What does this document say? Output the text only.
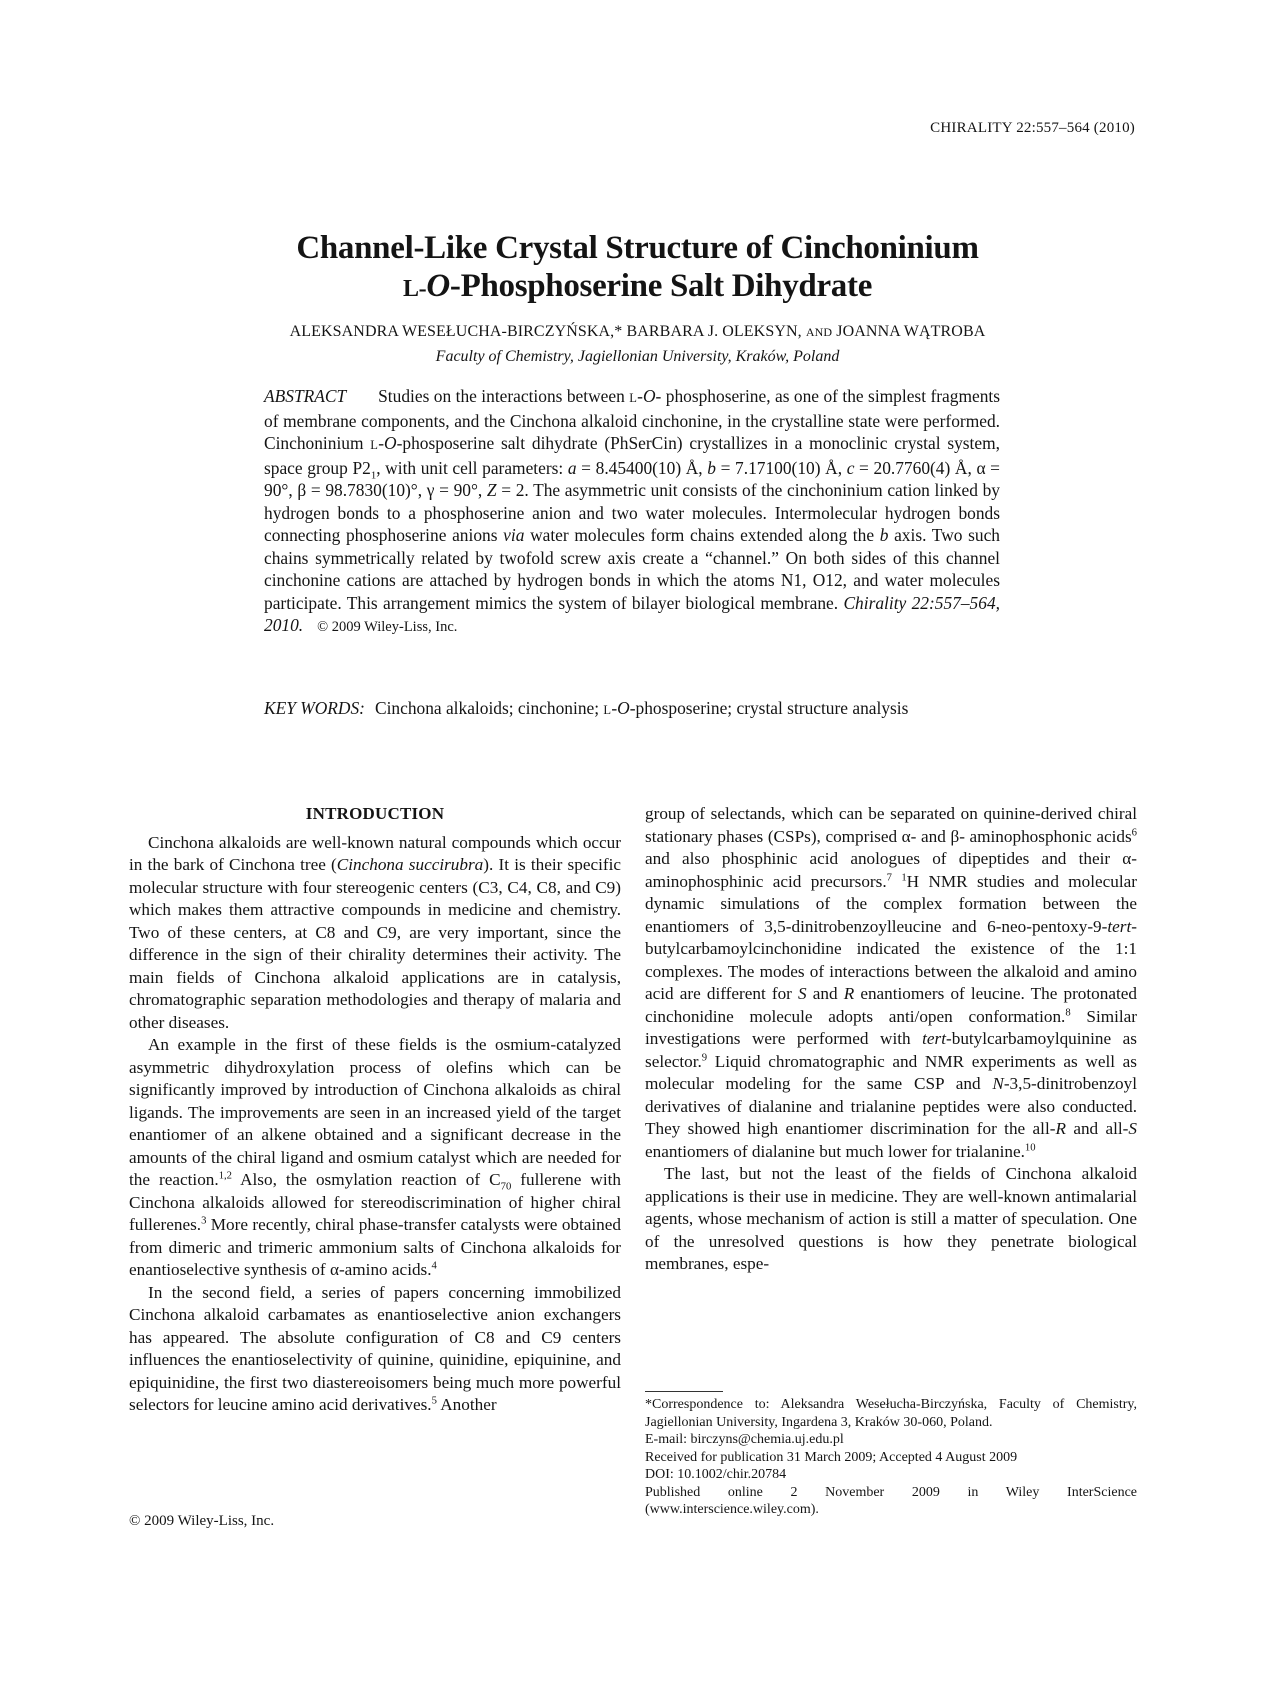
CHIRALITY 22:557–564 (2010)
Channel-Like Crystal Structure of Cinchoninium
L-O-Phosphoserine Salt Dihydrate
ALEKSANDRA WESEŁUCHA-BIRCZYŃSKA,* BARBARA J. OLEKSYN, AND JOANNA WĄTROBA
Faculty of Chemistry, Jagiellonian University, Kraków, Poland
ABSTRACT Studies on the interactions between L-O- phosphoserine, as one of the simplest fragments of membrane components, and the Cinchona alkaloid cinchonine, in the crystalline state were performed. Cinchoninium L-O-phosposerine salt dihydrate (PhSerCin) crystallizes in a monoclinic crystal system, space group $P2_1$, with unit cell parameters: a = 8.45400(10) Å, b = 7.17100(10) Å, c = 20.7760(4) Å, α = 90°, β = 98.7830(10)°, γ = 90°, Z = 2. The asymmetric unit consists of the cinchoninium cation linked by hydrogen bonds to a phosphoserine anion and two water molecules. Intermolecular hydrogen bonds connecting phosphoserine anions via water molecules form chains extended along the b axis. Two such chains symmetrically related by twofold screw axis create a “channel.” On both sides of this channel cinchonine cations are attached by hydrogen bonds in which the atoms N1, O12, and water molecules participate. This arrangement mimics the system of bilayer biological membrane. Chirality 22:557–564, 2010. © 2009 Wiley-Liss, Inc.
KEY WORDS: Cinchona alkaloids; cinchonine; L-O-phosposerine; crystal structure analysis
INTRODUCTION

Cinchona alkaloids are well-known natural compounds which occur in the bark of Cinchona tree (Cinchona succirubra). It is their specific molecular structure with four stereogenic centers (C3, C4, C8, and C9) which makes them attractive compounds in medicine and chemistry. Two of these centers, at C8 and C9, are very important, since the difference in the sign of their chirality determines their activity. The main fields of Cinchona alkaloid applications are in catalysis, chromatographic separation methodologies and therapy of malaria and other diseases.

An example in the first of these fields is the osmium-catalyzed asymmetric dihydroxylation process of olefins which can be significantly improved by introduction of Cinchona alkaloids as chiral ligands. The improvements are seen in an increased yield of the target enantiomer of an alkene obtained and a significant decrease in the amounts of the chiral ligand and osmium catalyst which are needed for the reaction.$^{1,2}$ Also, the osmylation reaction of $C_{70}$ fullerene with Cinchona alkaloids allowed for stereodiscrimination of higher chiral fullerenes.$^3$ More recently, chiral phase-transfer catalysts were obtained from dimeric and trimeric ammonium salts of Cinchona alkaloids for enantioselective synthesis of α-amino acids.$^4$

In the second field, a series of papers concerning immobilized Cinchona alkaloid carbamates as enantioselective anion exchangers has appeared. The absolute configuration of C8 and C9 centers influences the enantioselectivity of quinine, quinidine, epiquinine, and epiquinidine, the first two diastereoisomers being much more powerful selectors for leucine amino acid derivatives.$^5$ Another

© 2009 Wiley-Liss, Inc.

group of selectands, which can be separated on quinine-derived chiral stationary phases (CSPs), comprised α- and β- aminophosphonic acids$^6$ and also phosphinic acid anologues of dipeptides and their α-aminophosphinic acid precursors.$^7$ $^1$H NMR studies and molecular dynamic simulations of the complex formation between the enantiomers of 3,5-dinitrobenzoylleucine and 6-neo-pentoxy-9-tert-butylcarbamoylcinchonidine indicated the existence of the 1:1 complexes. The modes of interactions between the alkaloid and amino acid are different for S and R enantiomers of leucine. The protonated cinchonidine molecule adopts anti/open conformation.$^8$ Similar investigations were performed with tert-butylcarbamoylquinine as selector.$^9$ Liquid chromatographic and NMR experiments as well as molecular modeling for the same CSP and N-3,5-dinitrobenzoyl derivatives of dialanine and trialanine peptides were also conducted. They showed high enantiomer discrimination for the all-R and all-S enantiomers of dialanine but much lower for trialanine.$^{10}$

The last, but not the least of the fields of Cinchona alkaloid applications is their use in medicine. They are well-known antimalarial agents, whose mechanism of action is still a matter of speculation. One of the unresolved questions is how they penetrate biological membranes, espe-

*Correspondence to: Aleksandra Wesełucha-Birczyńska, Faculty of Chemistry, Jagiellonian University, Ingardena 3, Kraków 30-060, Poland.
E-mail: birczyns@chemia.uj.edu.pl
Received for publication 31 March 2009; Accepted 4 August 2009
DOI: 10.1002/chir.20784
Published online 2 November 2009 in Wiley InterScience (www.interscience.wiley.com).
